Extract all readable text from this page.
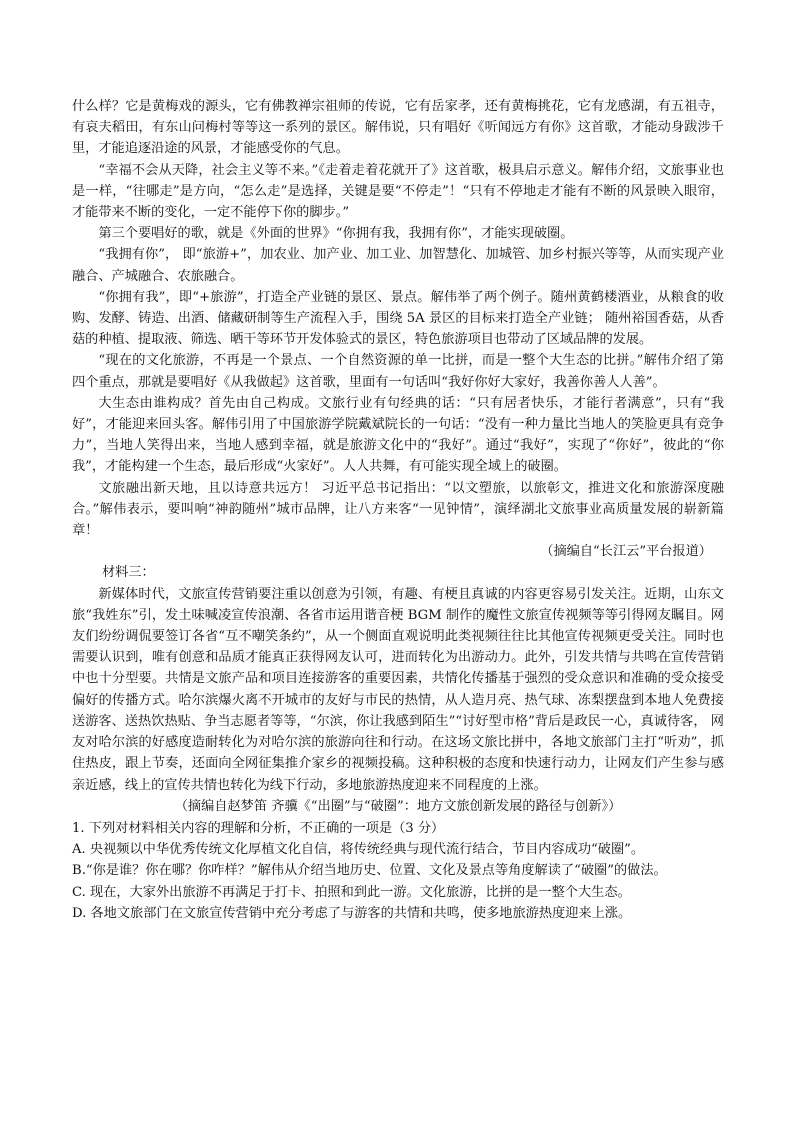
什么样？它是黄梅戏的源头，它有佛教禅宗祖师的传说，它有岳家孝，还有黄梅挑花，它有龙感湖，有五祖寺，有哀夫稻田，有东山问梅村等等这一系列的景区。解伟说，只有唱好《听闻远方有你》这首歌，才能动身跋涉千里，才能追逐沿途的风景，才能感受你的气息。

“幸福不会从天降，社会主义等不来。”《走着走着花就开了》这首歌，极具启示意义。解伟介绍，文旅事业也是一样，“往哪走”是方向，“怎么走”是选择，关键是要“不停走”！“只有不停地走才能有不断的风景映入眼帘，才能带来不断的变化，一定不能停下你的脚步。”

第三个要唱好的歌，就是《外面的世界》“你拥有我，我拥有你”，才能实现破圈。

“我拥有你”， 即“旅游+”，加农业、加产业、加工业、加智慧化、加城管、加乡村振兴等等，从而实现产业融合、产城融合、农旅融合。

“你拥有我”，即“+旅游”，打造全产业链的景区、景点。解伟举了两个例子。随州黄鹤楼酒业，从粮食的收购、发酵、铸造、出酒、储藏研制等生产流程入手，围绕 5A 景区的目标来打造全产业链； 随州裕国香菇，从香菇的种植、提取液、筛选、晒干等环节开发体验式的景区，特色旅游项目也带动了区域品牌的发展。

“现在的文化旅游，不再是一个景点、一个自然资源的单一比拼，而是一整个大生态的比拼。”解伟介绍了第四个重点，那就是要唱好《从我做起》这首歌，里面有一句话叫“我好你好大家好，我善你善人人善”。

大生态由谁构成？首先由自己构成。文旅行业有句经典的话：“只有居者快乐，才能行者满意”，只有“我好”，才能迎来回头客。解伟引用了中国旅游学院戴斌院长的一句话：“没有一种力量比当地人的笑脸更具有竞争力”，当地人笑得出来，当地人感到幸福，就是旅游文化中的“我好”。通过“我好”，实现了“你好”，彼此的“你我”，才能构建一个生态，最后形成“火家好”。人人共舞，有可能实现全域上的破圈。

文旅融出新天地，且以诗意共远方！ 习近平总书记指出：“以文塑旅，以旅彰文，推进文化和旅游深度融合。”解伟表示，要叫响“神韵随州”城市品牌，让八方来客“一见钟情”，演绎湖北文旅事业高质量发展的崭新篇章！

（摘编自“长江云”平台报道）

材料三：

新媒体时代，文旅宣传营销要注重以创意为引领，有趣、有梗且真诚的内容更容易引发关注。近期，山东文旅“我姓东”引，发土味喊凌宣传浪潮、各省市运用谐音梗 BGM 制作的魔性文旅宣传视频等等引得网友瞩目。网友们纷纷调侃要签订各省“互不嘲笑条约”，从一个侧面直观说明此类视频往往比其他宣传视频更受关注。同时也需要认识到，唯有创意和品质才能真正获得网友认可，进而转化为出游动力。此外，引发共情与共鸣在宣传营销中也十分型要。共情是文旅产品和项目连接游客的重要因素，共情化传播基于强烈的受众意识和准确的受众接受偏好的传播方式。哈尔滨爆火离不开城市的友好与市民的热情，从人造月亮、热气球、冻梨摆盘到本地人免费接送游客、送热饮热贴、争当志愿者等等，“尔滨，你让我感到陌生”“讨好型市格”背后是政民一心，真诚待客， 网友对哈尔滨的好感度造耐转化为对哈尔滨的旅游向往和行动。在这场文旅比拼中，各地文旅部门主打“听劝”，抓住热皮，跟上节奏，还面向全网征集推介家乡的视频投稿。这种积极的态度和快速行动力，让网友们产生参与感亲近感，线上的宣传共情也转化为线下行动，多地旅游热度迎来不同程度的上涨。

（摘编自赵梦笛 齐骥《“出圈”与“破圈”：地方文旅创新发展的路径与创新》）

1. 下列对材料相关内容的理解和分析，不正确的一项是（3 分）

A. 央视频以中华优秀传统文化厚植文化自信，将传统经典与现代流行结合，节目内容成功“破圈”。

B.“你是谁？你在哪？你咋样？”解伟从介绍当地历史、位置、文化及景点等角度解读了“破圈”的做法。

C. 现在，大家外出旅游不再满足于打卡、拍照和到此一游。文化旅游，比拼的是一整个大生态。

D. 各地文旅部门在文旅宣传营销中充分考虑了与游客的共情和共鸣，使多地旅游热度迎来上涨。
